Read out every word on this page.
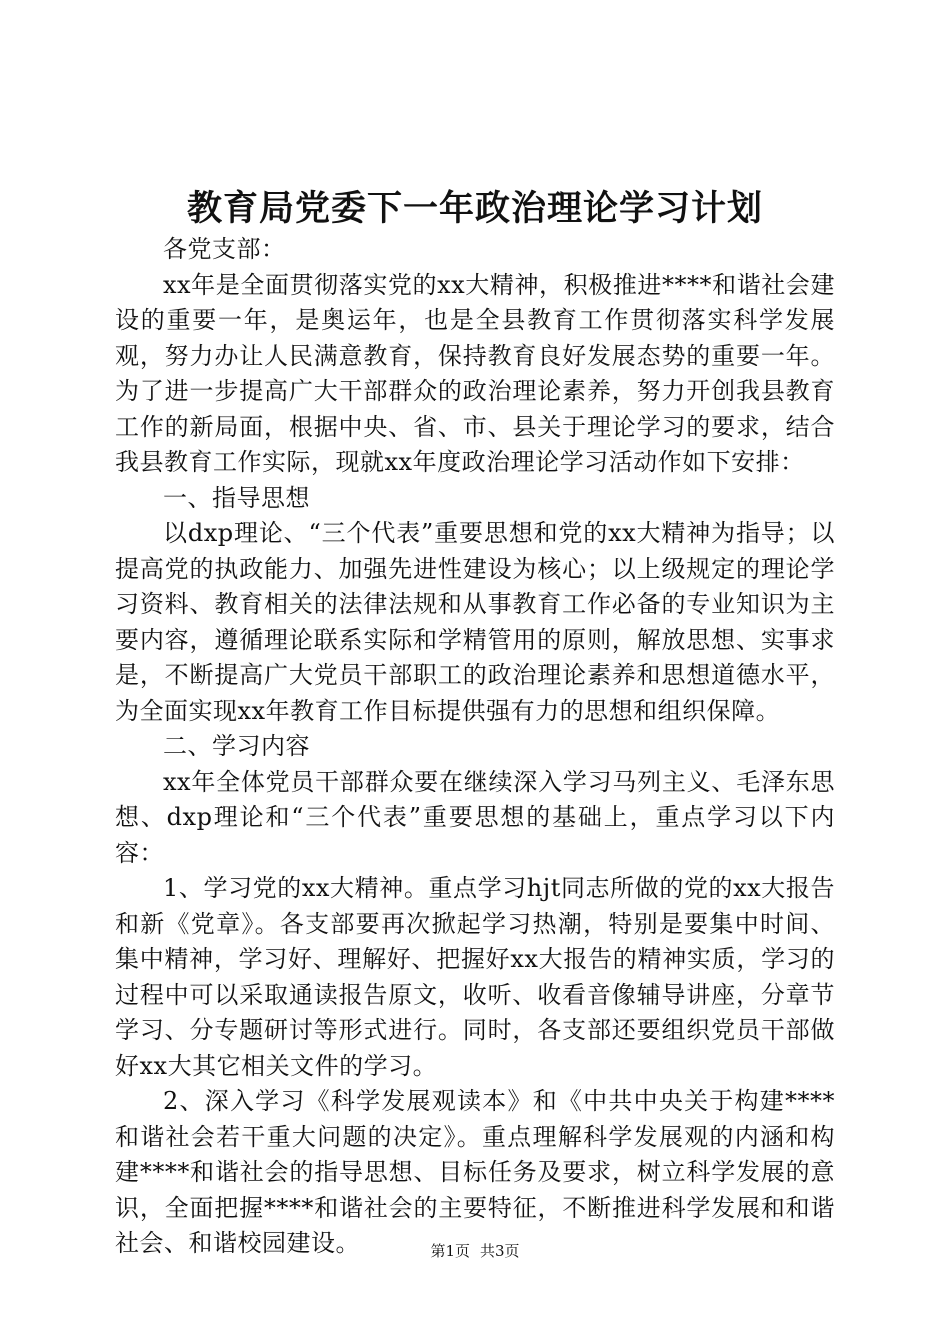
教育局党委下一年政治理论学习计划

各党支部：

xx年是全面贯彻落实党的xx大精神，积极推进****和谐社会建设的重要一年，是奥运年，也是全县教育工作贯彻落实科学发展观，努力办让人民满意教育，保持教育良好发展态势的重要一年。为了进一步提高广大干部群众的政治理论素养，努力开创我县教育工作的新局面，根据中央、省、市、县关于理论学习的要求，结合我县教育工作实际，现就xx年度政治理论学习活动作如下安排：

一、指导思想

以dxp理论、“三个代表”重要思想和党的xx大精神为指导；以提高党的执政能力、加强先进性建设为核心；以上级规定的理论学习资料、教育相关的法律法规和从事教育工作必备的专业知识为主要内容，遵循理论联系实际和学精管用的原则，解放思想、实事求是，不断提高广大党员干部职工的政治理论素养和思想道德水平，为全面实现xx年教育工作目标提供强有力的思想和组织保障。

二、学习内容

xx年全体党员干部群众要在继续深入学习马列主义、毛泽东思想、dxp理论和“三个代表”重要思想的基础上，重点学习以下内容：

1、学习党的xx大精神。重点学习hjt同志所做的党的xx大报告和新《党章》。各支部要再次掀起学习热潮，特别是要集中时间、集中精神，学习好、理解好、把握好xx大报告的精神实质，学习的过程中可以采取通读报告原文，收听、收看音像辅导讲座，分章节学习、分专题研讨等形式进行。同时，各支部还要组织党员干部做好xx大其它相关文件的学习。

2、深入学习《科学发展观读本》和《中共中央关于构建****和谐社会若干重大问题的决定》。重点理解科学发展观的内涵和构建****和谐社会的指导思想、目标任务及要求，树立科学发展的意识，全面把握****和谐社会的主要特征，不断推进科学发展和和谐社会、和谐校园建设。	第1页 共3页
